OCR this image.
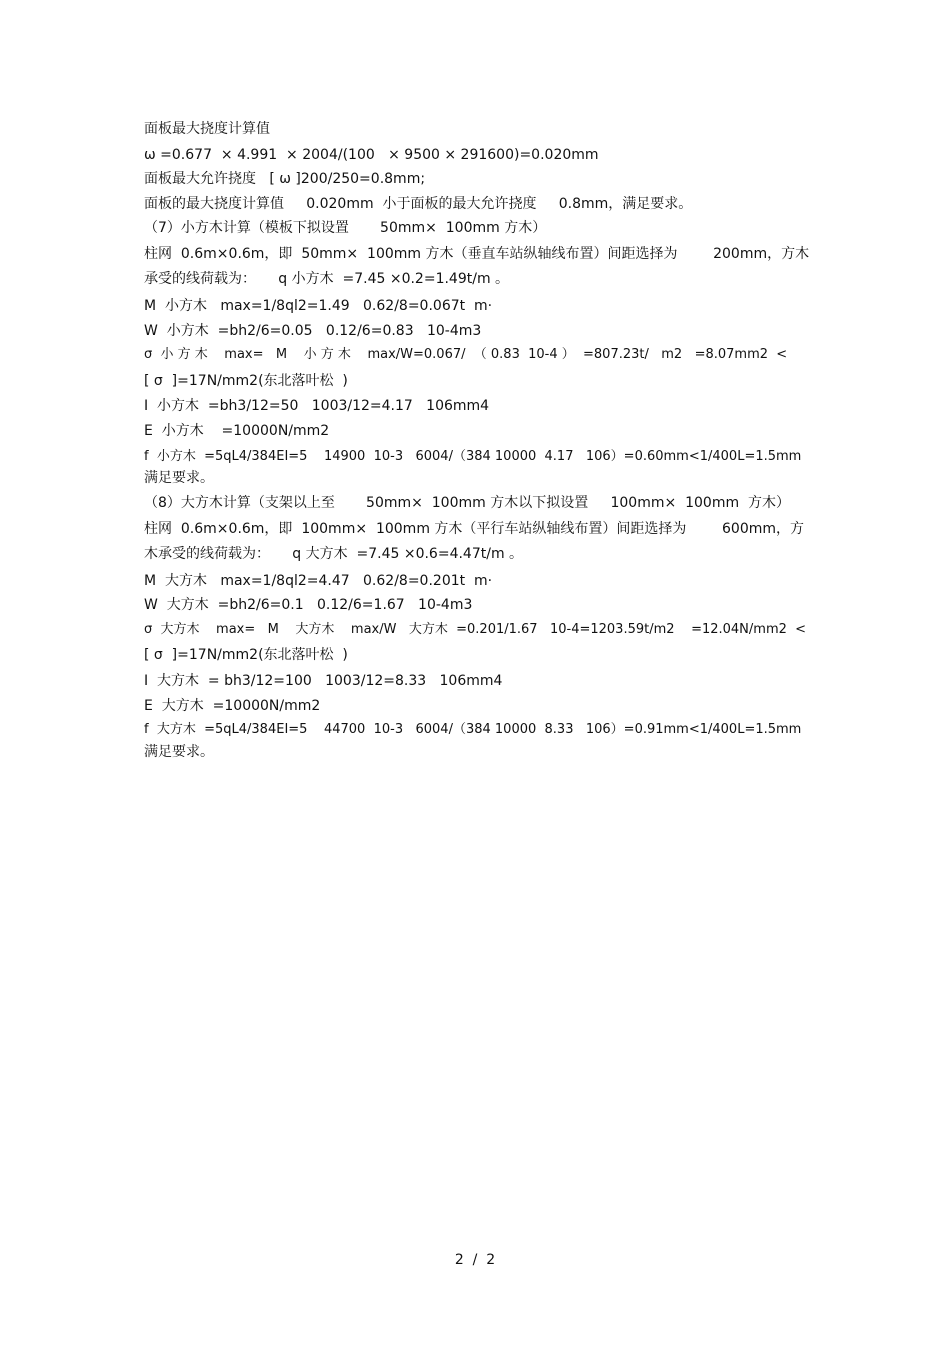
面板最大挠度计算值
ω =0.677  × 4.991  × 2004/(100   × 9500 × 291600)=0.020mm
面板最大允许挠度   [ ω ]200/250=0.8mm;
面板的最大挠度计算值     0.020mm  小于面板的最大允许挠度     0.8mm，满足要求。
（7）小方木计算（模板下拟设置       50mm×  100mm 方木）
柱网  0.6m×0.6m，即  50mm×  100mm 方木（垂直车站纵轴线布置）间距选择为        200mm，方木
承受的线荷载为：     q 小方木  =7.45 ×0.2=1.49t/m 。
M  小方木   max=1/8ql2=1.49   0.62/8=0.067t  m·
W  小方木  =bh2/6=0.05   0.12/6=0.83   10-4m3
σ  小 方 木    max=   M    小 方 木    max/W=0.067/  （ 0.83  10-4 ）  =807.23t/   m2   =8.07mm2  <
[ σ  ]=17N/mm2(东北落叶松  )
I  小方木  =bh3/12=50   1003/12=4.17   106mm4
E  小方木    =10000N/mm2
f  小方木  =5qL4/384EI=5    14900  10-3   6004/（384 10000  4.17   106）=0.60mm<1/400L=1.5mm
满足要求。
（8）大方木计算（支架以上至       50mm×  100mm 方木以下拟设置     100mm×  100mm  方木）
柱网  0.6m×0.6m，即  100mm×  100mm 方木（平行车站纵轴线布置）间距选择为        600mm，方
木承受的线荷载为：     q 大方木  =7.45 ×0.6=4.47t/m 。
M  大方木   max=1/8ql2=4.47   0.62/8=0.201t  m·
W  大方木  =bh2/6=0.1   0.12/6=1.67   10-4m3
σ  大方木    max=   M    大方木    max/W   大方木  =0.201/1.67   10-4=1203.59t/m2    =12.04N/mm2  <
[ σ  ]=17N/mm2(东北落叶松  )
I  大方木  = bh3/12=100   1003/12=8.33   106mm4
E  大方木  =10000N/mm2
f  大方木  =5qL4/384EI=5    44700  10-3   6004/（384 10000  8.33   106）=0.91mm<1/400L=1.5mm
满足要求。
2  /  2
